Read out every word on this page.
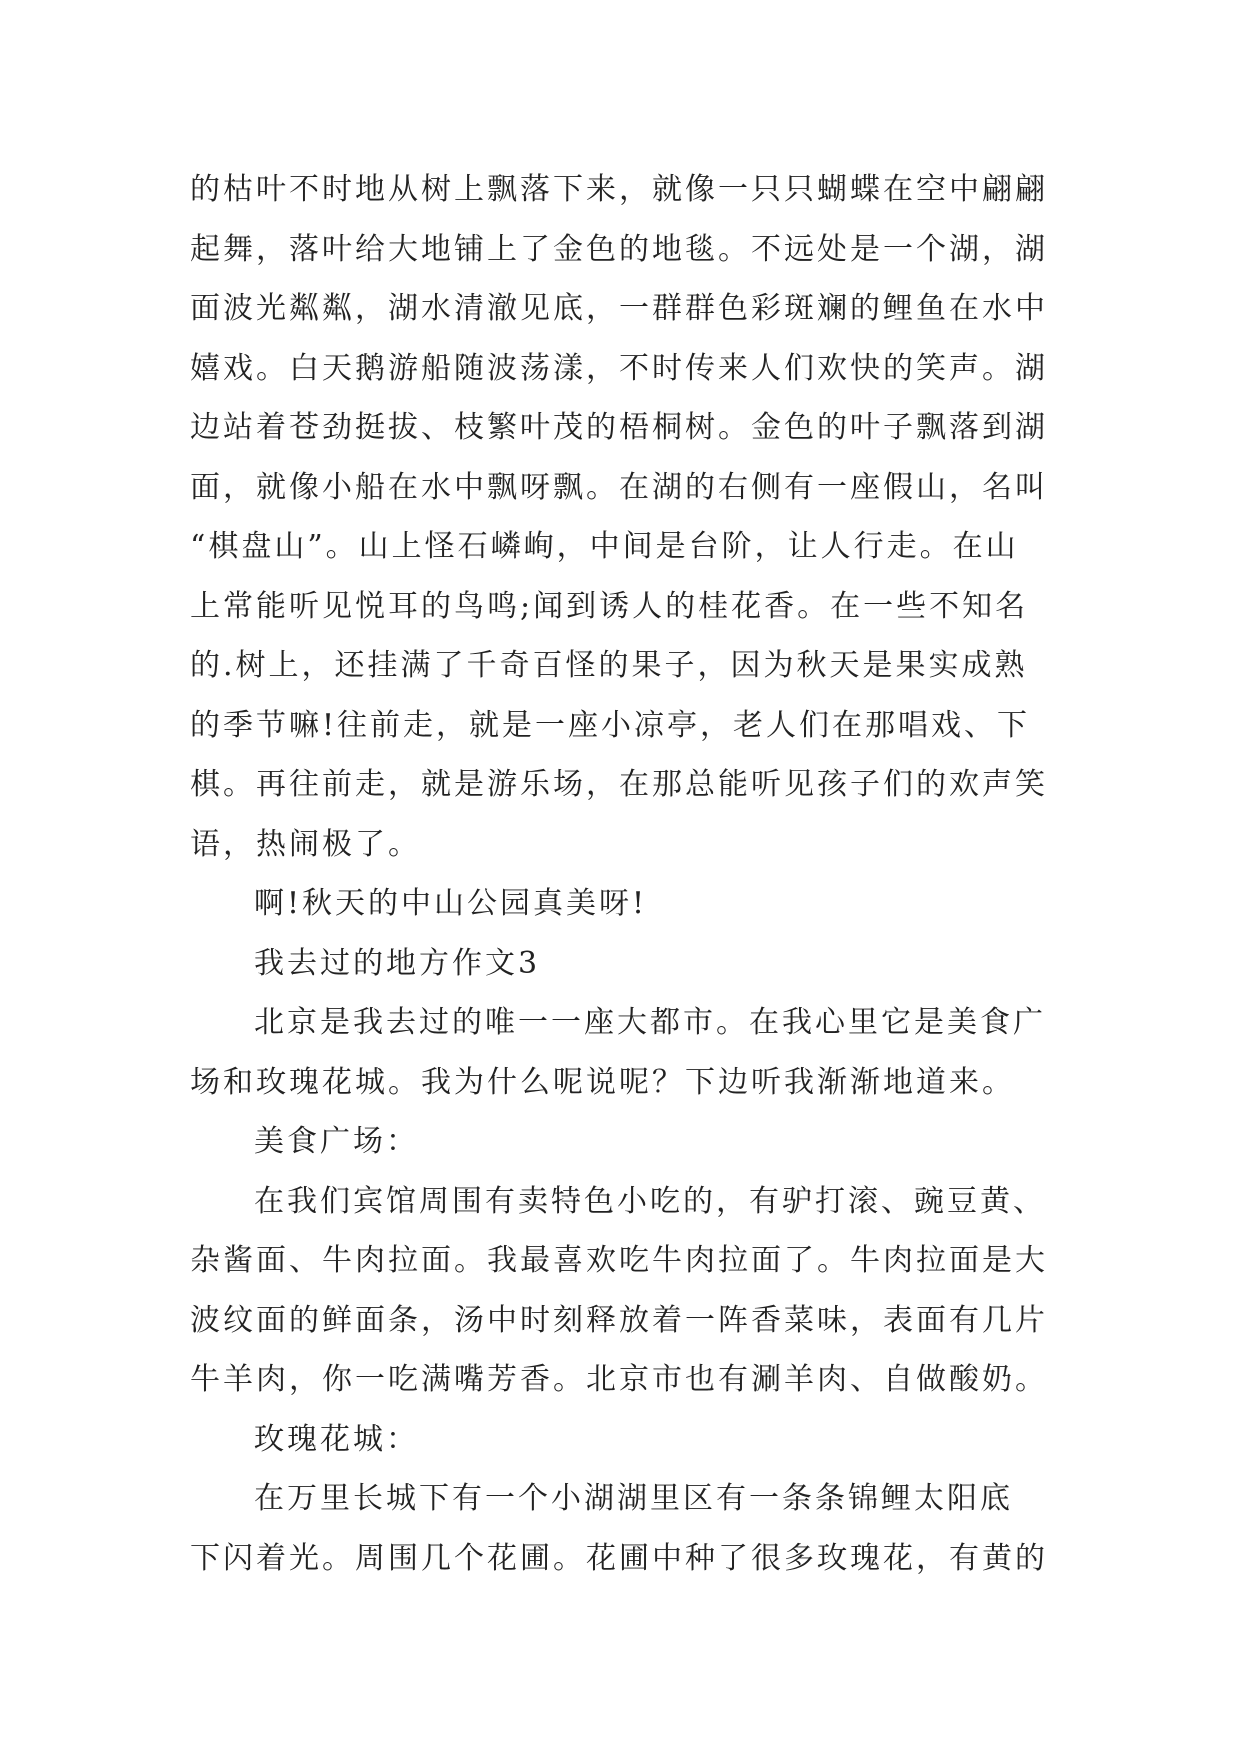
的枯叶不时地从树上飘落下来，就像一只只蝴蝶在空中翩翩
起舞，落叶给大地铺上了金色的地毯。不远处是一个湖，湖
面波光粼粼，湖水清澈见底，一群群色彩斑斓的鲤鱼在水中
嬉戏。白天鹅游船随波荡漾，不时传来人们欢快的笑声。湖
边站着苍劲挺拔、枝繁叶茂的梧桐树。金色的叶子飘落到湖
面，就像小船在水中飘呀飘。在湖的右侧有一座假山，名叫
“棋盘山”。山上怪石嶙峋，中间是台阶，让人行走。在山
上常能听见悦耳的鸟鸣;闻到诱人的桂花香。在一些不知名
的.树上，还挂满了千奇百怪的果子，因为秋天是果实成熟
的季节嘛!往前走，就是一座小凉亭，老人们在那唱戏、下
棋。再往前走，就是游乐场，在那总能听见孩子们的欢声笑
语，热闹极了。
啊!秋天的中山公园真美呀!
我去过的地方作文3
北京是我去过的唯一一座大都市。在我心里它是美食广
场和玫瑰花城。我为什么呢说呢？下边听我渐渐地道来。
美食广场：
在我们宾馆周围有卖特色小吃的，有驴打滚、豌豆黄、
杂酱面、牛肉拉面。我最喜欢吃牛肉拉面了。牛肉拉面是大
波纹面的鲜面条，汤中时刻释放着一阵香菜味，表面有几片
牛羊肉，你一吃满嘴芳香。北京市也有涮羊肉、自做酸奶。
玫瑰花城：
在万里长城下有一个小湖湖里区有一条条锦鲤太阳底
下闪着光。周围几个花圃。花圃中种了很多玫瑰花，有黄的
